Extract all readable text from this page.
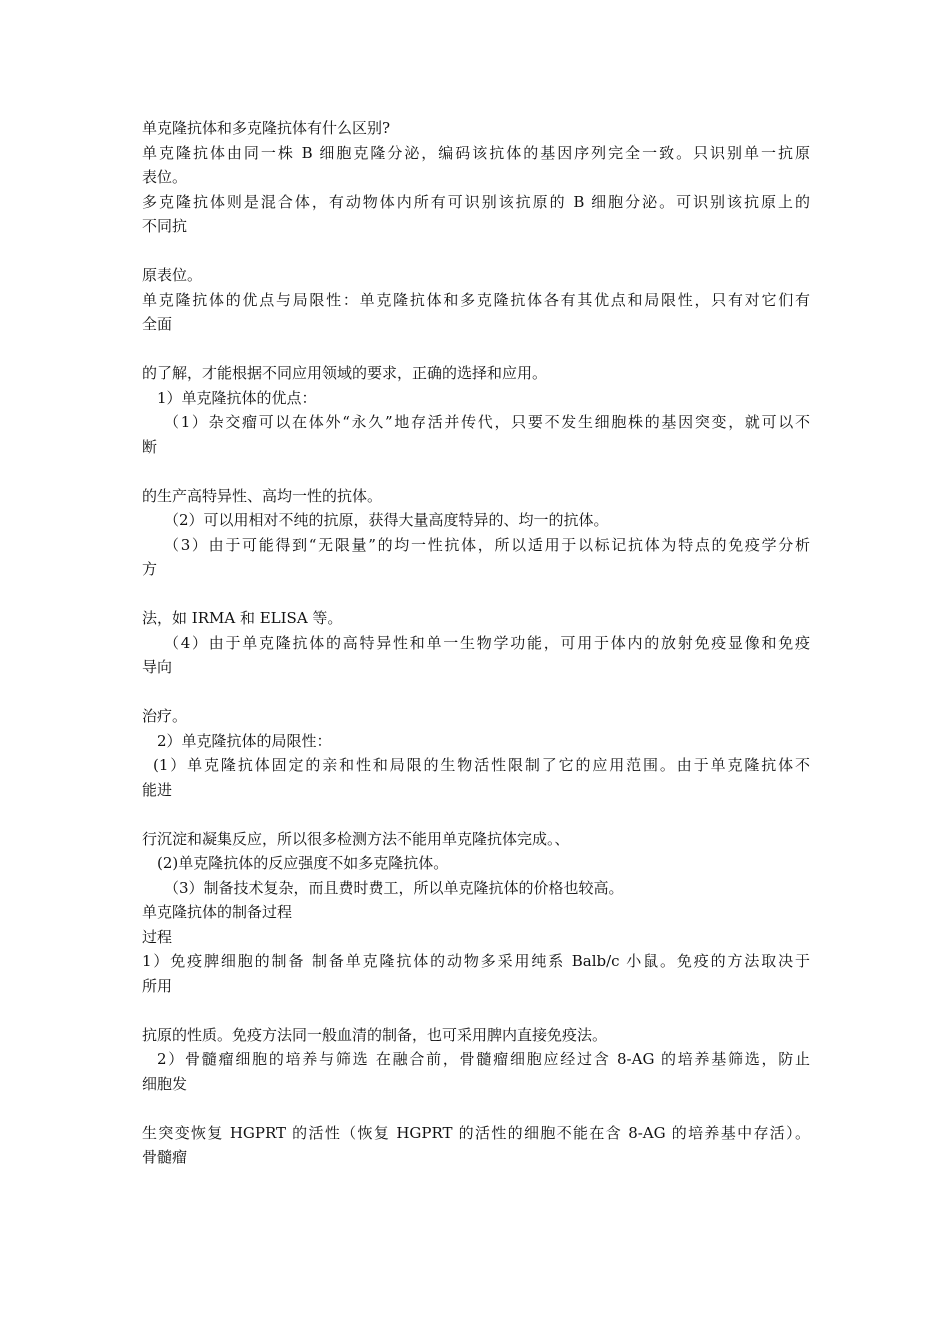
单克隆抗体和多克隆抗体有什么区别?
单克隆抗体由同一株 B 细胞克隆分泌，编码该抗体的基因序列完全一致。只识别单一抗原
表位。
多克隆抗体则是混合体，有动物体内所有可识别该抗原的 B 细胞分泌。可识别该抗原上的
不同抗
原表位。
单克隆抗体的优点与局限性：单克隆抗体和多克隆抗体各有其优点和局限性，只有对它们有
全面
的了解，才能根据不同应用领域的要求，正确的选择和应用。
1）单克隆抗体的优点：
（1）杂交瘤可以在体外“永久”地存活并传代，只要不发生细胞株的基因突变，就可以不
断
的生产高特异性、高均一性的抗体。
（2）可以用相对不纯的抗原，获得大量高度特异的、均一的抗体。
（3）由于可能得到“无限量”的均一性抗体，所以适用于以标记抗体为特点的免疫学分析
方
法，如 IRMA 和 ELISA 等。
（4）由于单克隆抗体的高特异性和单一生物学功能，可用于体内的放射免疫显像和免疫
导向
治疗。
2）单克隆抗体的局限性：
(1）单克隆抗体固定的亲和性和局限的生物活性限制了它的应用范围。由于单克隆抗体不
能进
行沉淀和凝集反应，所以很多检测方法不能用单克隆抗体完成。、
(2)单克隆抗体的反应强度不如多克隆抗体。
（3）制备技术复杂，而且费时费工，所以单克隆抗体的价格也较高。
单克隆抗体的制备过程
过程
1）免疫脾细胞的制备 制备单克隆抗体的动物多采用纯系 Balb/c 小鼠。免疫的方法取决于
所用
抗原的性质。免疫方法同一般血清的制备，也可采用脾内直接免疫法。
2）骨髓瘤细胞的培养与筛选 在融合前，骨髓瘤细胞应经过含 8-AG 的培养基筛选，防止
细胞发
生突变恢复 HGPRT 的活性（恢复 HGPRT 的活性的细胞不能在含 8-AG 的培养基中存活）。
骨髓瘤
